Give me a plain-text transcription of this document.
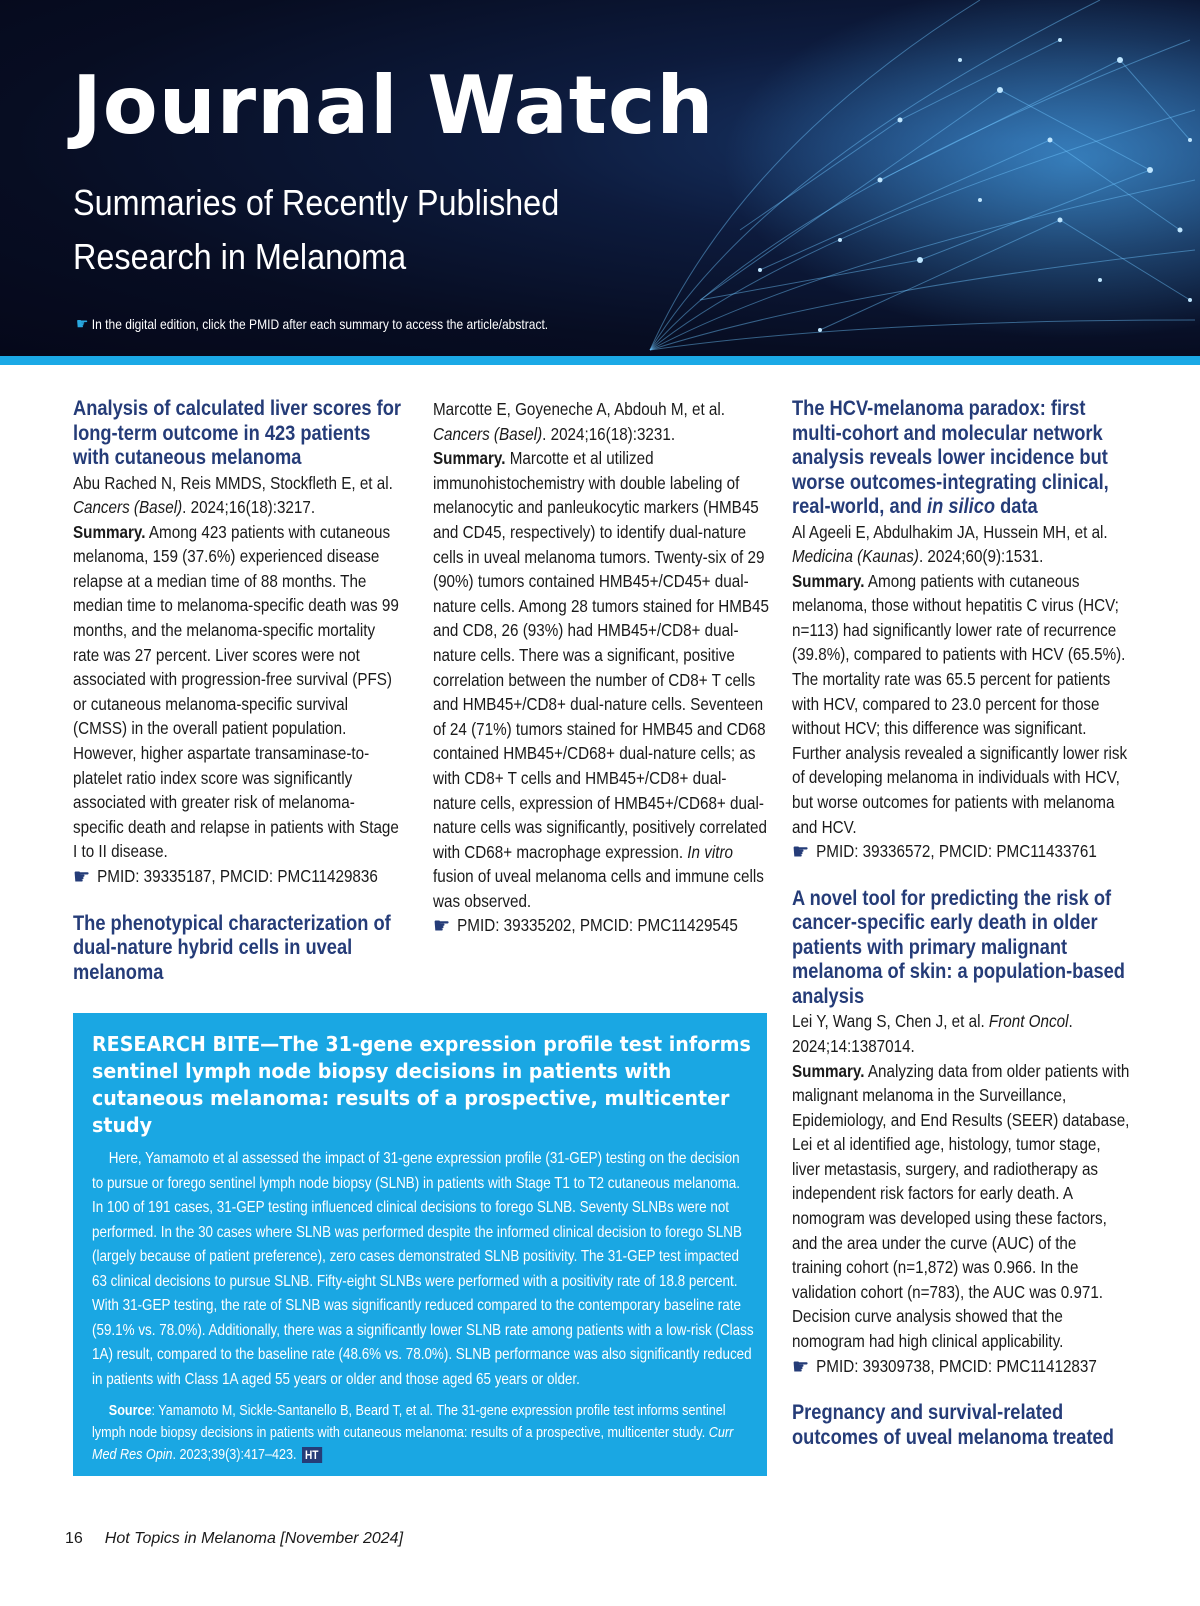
Journal Watch
Summaries of Recently Published Research in Melanoma
☛ In the digital edition, click the PMID after each summary to access the article/abstract.
Analysis of calculated liver scores for long-term outcome in 423 patients with cutaneous melanoma
Abu Rached N, Reis MMDS, Stockfleth E, et al.
Cancers (Basel). 2024;16(18):3217.
Summary. Among 423 patients with cutaneous melanoma, 159 (37.6%) experienced disease relapse at a median time of 88 months. The median time to melanoma-specific death was 99 months, and the melanoma-specific mortality rate was 27 percent. Liver scores were not associated with progression-free survival (PFS) or cutaneous melanoma-specific survival (CMSS) in the overall patient population. However, higher aspartate transaminase-to-platelet ratio index score was significantly associated with greater risk of melanoma-specific death and relapse in patients with Stage I to II disease.
☛ PMID: 39335187, PMCID: PMC11429836
The phenotypical characterization of dual-nature hybrid cells in uveal melanoma
Marcotte E, Goyeneche A, Abdouh M, et al.
Cancers (Basel). 2024;16(18):3231.
Summary. Marcotte et al utilized immunohistochemistry with double labeling of melanocytic and panleukocytic markers (HMB45 and CD45, respectively) to identify dual-nature cells in uveal melanoma tumors. Twenty-six of 29 (90%) tumors contained HMB45+/CD45+ dual-nature cells. Among 28 tumors stained for HMB45 and CD8, 26 (93%) had HMB45+/CD8+ dual-nature cells. There was a significant, positive correlation between the number of CD8+ T cells and HMB45+/CD8+ dual-nature cells. Seventeen of 24 (71%) tumors stained for HMB45 and CD68 contained HMB45+/CD68+ dual-nature cells; as with CD8+ T cells and HMB45+/CD8+ dual-nature cells, expression of HMB45+/CD68+ dual-nature cells was significantly, positively correlated with CD68+ macrophage expression. In vitro fusion of uveal melanoma cells and immune cells was observed.
☛ PMID: 39335202, PMCID: PMC11429545
The HCV-melanoma paradox: first multi-cohort and molecular network analysis reveals lower incidence but worse outcomes-integrating clinical, real-world, and in silico data
Al Ageeli E, Abdulhakim JA, Hussein MH, et al.
Medicina (Kaunas). 2024;60(9):1531.
Summary. Among patients with cutaneous melanoma, those without hepatitis C virus (HCV; n=113) had significantly lower rate of recurrence (39.8%), compared to patients with HCV (65.5%). The mortality rate was 65.5 percent for patients with HCV, compared to 23.0 percent for those without HCV; this difference was significant. Further analysis revealed a significantly lower risk of developing melanoma in individuals with HCV, but worse outcomes for patients with melanoma and HCV.
☛ PMID: 39336572, PMCID: PMC11433761
A novel tool for predicting the risk of cancer-specific early death in older patients with primary malignant melanoma of skin: a population-based analysis
Lei Y, Wang S, Chen J, et al. Front Oncol. 2024;14:1387014.
Summary. Analyzing data from older patients with malignant melanoma in the Surveillance, Epidemiology, and End Results (SEER) database, Lei et al identified age, histology, tumor stage, liver metastasis, surgery, and radiotherapy as independent risk factors for early death. A nomogram was developed using these factors, and the area under the curve (AUC) of the training cohort (n=1,872) was 0.966. In the validation cohort (n=783), the AUC was 0.971. Decision curve analysis showed that the nomogram had high clinical applicability.
☛ PMID: 39309738, PMCID: PMC11412837
Pregnancy and survival-related outcomes of uveal melanoma treated
RESEARCH BITE—The 31-gene expression profile test informs sentinel lymph node biopsy decisions in patients with cutaneous melanoma: results of a prospective, multicenter study
Here, Yamamoto et al assessed the impact of 31-gene expression profile (31-GEP) testing on the decision to pursue or forego sentinel lymph node biopsy (SLNB) in patients with Stage T1 to T2 cutaneous melanoma. In 100 of 191 cases, 31-GEP testing influenced clinical decisions to forego SLNB. Seventy SLNBs were not performed. In the 30 cases where SLNB was performed despite the informed clinical decision to forego SLNB (largely because of patient preference), zero cases demonstrated SLNB positivity. The 31-GEP test impacted 63 clinical decisions to pursue SLNB. Fifty-eight SLNBs were performed with a positivity rate of 18.8 percent. With 31-GEP testing, the rate of SLNB was significantly reduced compared to the contemporary baseline rate (59.1% vs. 78.0%). Additionally, there was a significantly lower SLNB rate among patients with a low-risk (Class 1A) result, compared to the baseline rate (48.6% vs. 78.0%). SLNB performance was also significantly reduced in patients with Class 1A aged 55 years or older and those aged 65 years or older.
Source: Yamamoto M, Sickle-Santanello B, Beard T, et al. The 31-gene expression profile test informs sentinel lymph node biopsy decisions in patients with cutaneous melanoma: results of a prospective, multicenter study. Curr Med Res Opin. 2023;39(3):417–423. HT
16 Hot Topics in Melanoma [November 2024]
